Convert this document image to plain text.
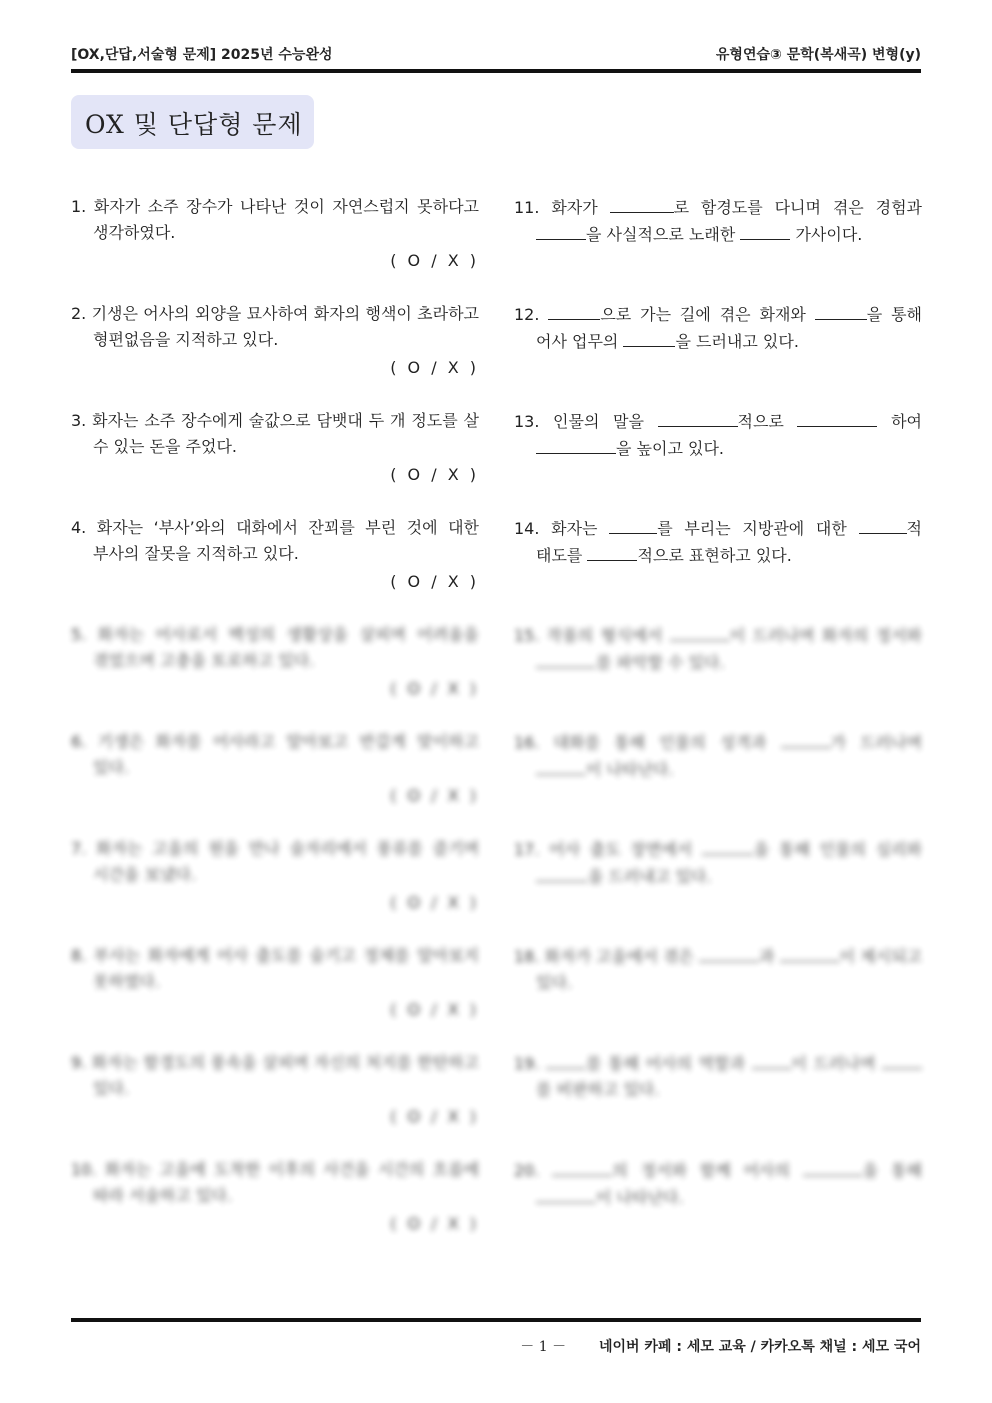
[OX,단답,서술형 문제] 2025년 수능완성	유형연습③ 문학(복새곡) 변형(y)
OX 및 단답형 문제
1. 화자가 소주 장수가 나타난 것이 자연스럽지 못하다고 생각하였다.
( O / X )
2. 기생은 어사의 외양을 묘사하여 화자의 행색이 초라하고 형편없음을 지적하고 있다.
( O / X )
3. 화자는 소주 장수에게 술값으로 담뱃대 두 개 정도를 살 수 있는 돈을 주었다.
( O / X )
4. 화자는 ‘부사’와의 대화에서 잔꾀를 부린 것에 대한 부사의 잘못을 지적하고 있다.
( O / X )
5. 화자는 어사로서 백성의 생활상을 살피며 어려움을 겪었으며 고충을 토로하고 있다.
( O / X )
6. 기생은 화자를 어사라고 알아보고 반갑게 맞이하고 있다.
( O / X )
7. 화자는 고을의 원을 만나 술자리에서 풍류를 즐기며 시간을 보냈다.
( O / X )
8. 부사는 화자에게 어사 출도를 숨기고 정체를 알아보지 못하였다.
( O / X )
9. 화자는 함경도의 풍속을 살피며 자신의 처지를 한탄하고 있다.
( O / X )
10. 화자는 고을에 도착한 이후의 사건을 시간의 흐름에 따라 서술하고 있다.
( O / X )
11. 화자가	로 함경도를 다니며 겪은 경험과 을 사실적으로 노래한	가사이다.
12.	으로 가는 길에 겪은 화재와	을 통해 어사 업무의	을 드러내고 있다.
13. 인물의 말을	적으로	하여 을 높이고 있다.
14. 화자는	를 부리는 지방관에 대한	적 태도를	적으로 표현하고 있다.
15. 작품의 형식에서	이 드러나며 화자의 정서와 를 파악할 수 있다.
16. 대화를 통해 인물의 성격과	가 드러나며 이 나타난다.
17. 어사 출도 장면에서	을 통해 인물의 심리와 을 드러내고 있다.
18. 화자가 고을에서 겪은	과	이 제시되고 있다.
19.	를 통해 어사의 역할과	이 드러나며 를 비판하고 있다.
20.	의 정서와 함께 어사의	을 통해 이 나타난다.
－ 1 － 네이버 카페 : 세모 교육 / 카카오톡 채널 : 세모 국어
